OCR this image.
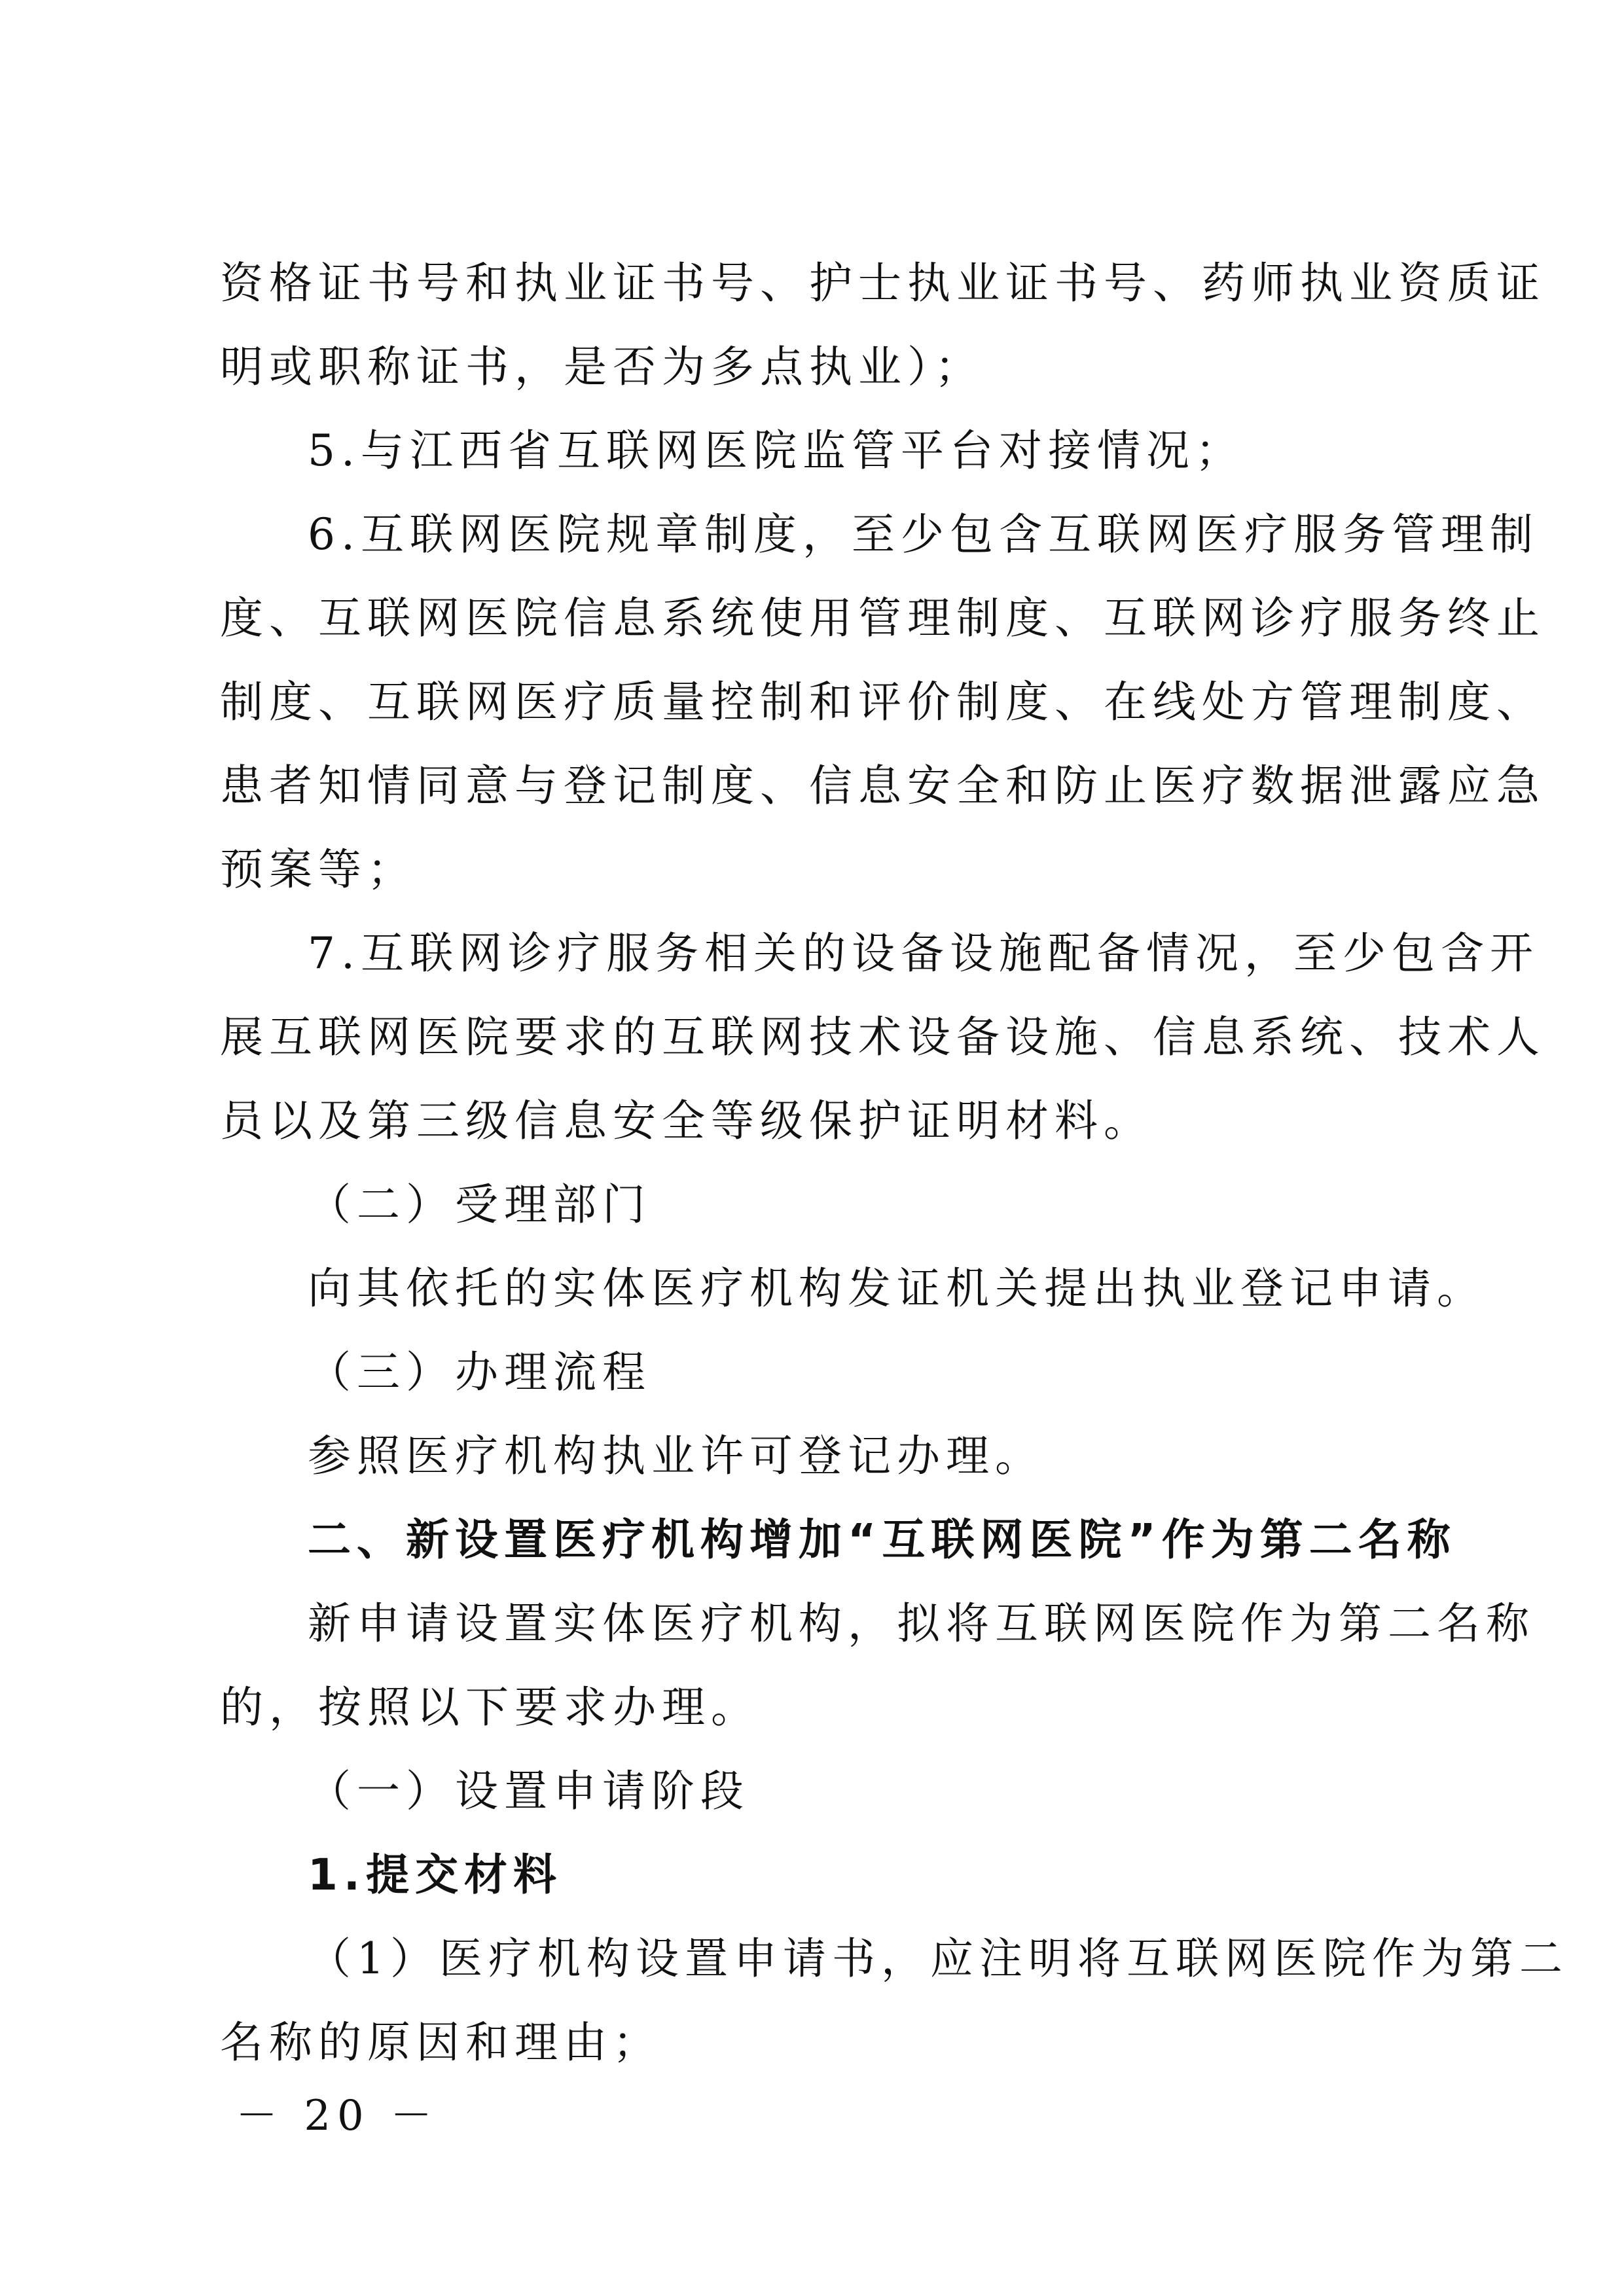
资格证书号和执业证书号、护士执业证书号、药师执业资质证
明或职称证书，是否为多点执业）；
5.与江西省互联网医院监管平台对接情况；
6.互联网医院规章制度，至少包含互联网医疗服务管理制
度、互联网医院信息系统使用管理制度、互联网诊疗服务终止
制度、互联网医疗质量控制和评价制度、在线处方管理制度、
患者知情同意与登记制度、信息安全和防止医疗数据泄露应急
预案等；
7.互联网诊疗服务相关的设备设施配备情况，至少包含开
展互联网医院要求的互联网技术设备设施、信息系统、技术人
员以及第三级信息安全等级保护证明材料。
（二）受理部门
向其依托的实体医疗机构发证机关提出执业登记申请。
（三）办理流程
参照医疗机构执业许可登记办理。
二、新设置医疗机构增加“互联网医院”作为第二名称
新申请设置实体医疗机构，拟将互联网医院作为第二名称
的，按照以下要求办理。
（一）设置申请阶段
1.提交材料
（1）医疗机构设置申请书，应注明将互联网医院作为第二
名称的原因和理由；
－ 20 －
